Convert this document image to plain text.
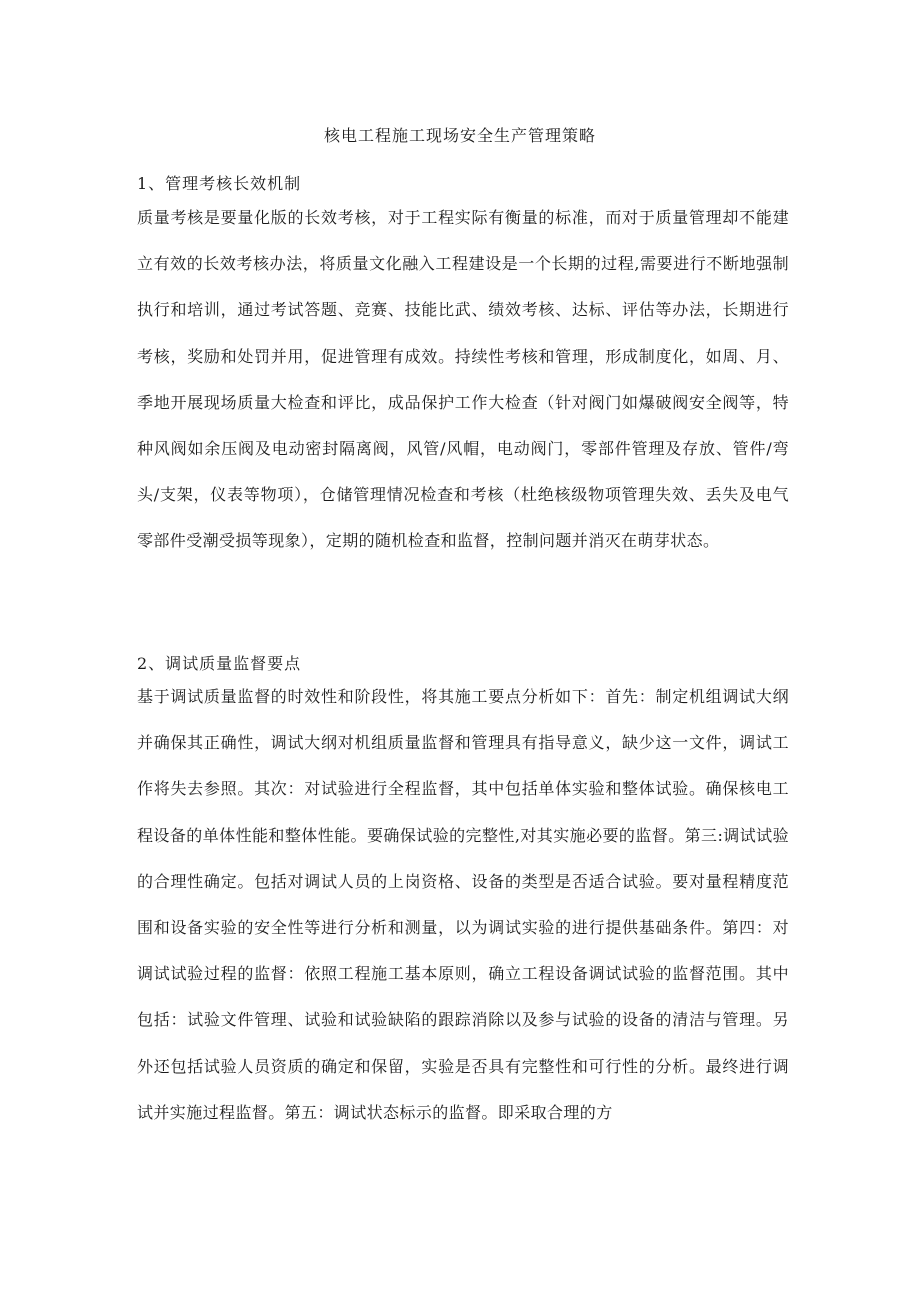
核电工程施工现场安全生产管理策略
1、管理考核长效机制

质量考核是要量化版的长效考核，对于工程实际有衡量的标准，而对于质量管理却不能建立有效的长效考核办法，将质量文化融入工程建设是一个长期的过程,需要进行不断地强制执行和培训，通过考试答题、竞赛、技能比武、绩效考核、达标、评估等办法，长期进行考核，奖励和处罚并用，促进管理有成效。持续性考核和管理，形成制度化，如周、月、季地开展现场质量大检查和评比，成品保护工作大检查（针对阀门如爆破阀安全阀等，特种风阀如余压阀及电动密封隔离阀，风管/风帽，电动阀门，零部件管理及存放、管件/弯头/支架，仪表等物项），仓储管理情况检查和考核（杜绝核级物项管理失效、丢失及电气零部件受潮受损等现象），定期的随机检查和监督，控制问题并消灭在萌芽状态。

2、调试质量监督要点

基于调试质量监督的时效性和阶段性，将其施工要点分析如下：首先：制定机组调试大纲并确保其正确性，调试大纲对机组质量监督和管理具有指导意义，缺少这一文件，调试工作将失去参照。其次：对试验进行全程监督，其中包括单体实验和整体试验。确保核电工程设备的单体性能和整体性能。要确保试验的完整性,对其实施必要的监督。第三:调试试验的合理性确定。包括对调试人员的上岗资格、设备的类型是否适合试验。要对量程精度范围和设备实验的安全性等进行分析和测量，以为调试实验的进行提供基础条件。第四：对调试试验过程的监督：依照工程施工基本原则，确立工程设备调试试验的监督范围。其中包括：试验文件管理、试验和试验缺陷的跟踪消除以及参与试验的设备的清洁与管理。另外还包括试验人员资质的确定和保留，实验是否具有完整性和可行性的分析。最终进行调试并实施过程监督。第五：调试状态标示的监督。即采取合理的方
